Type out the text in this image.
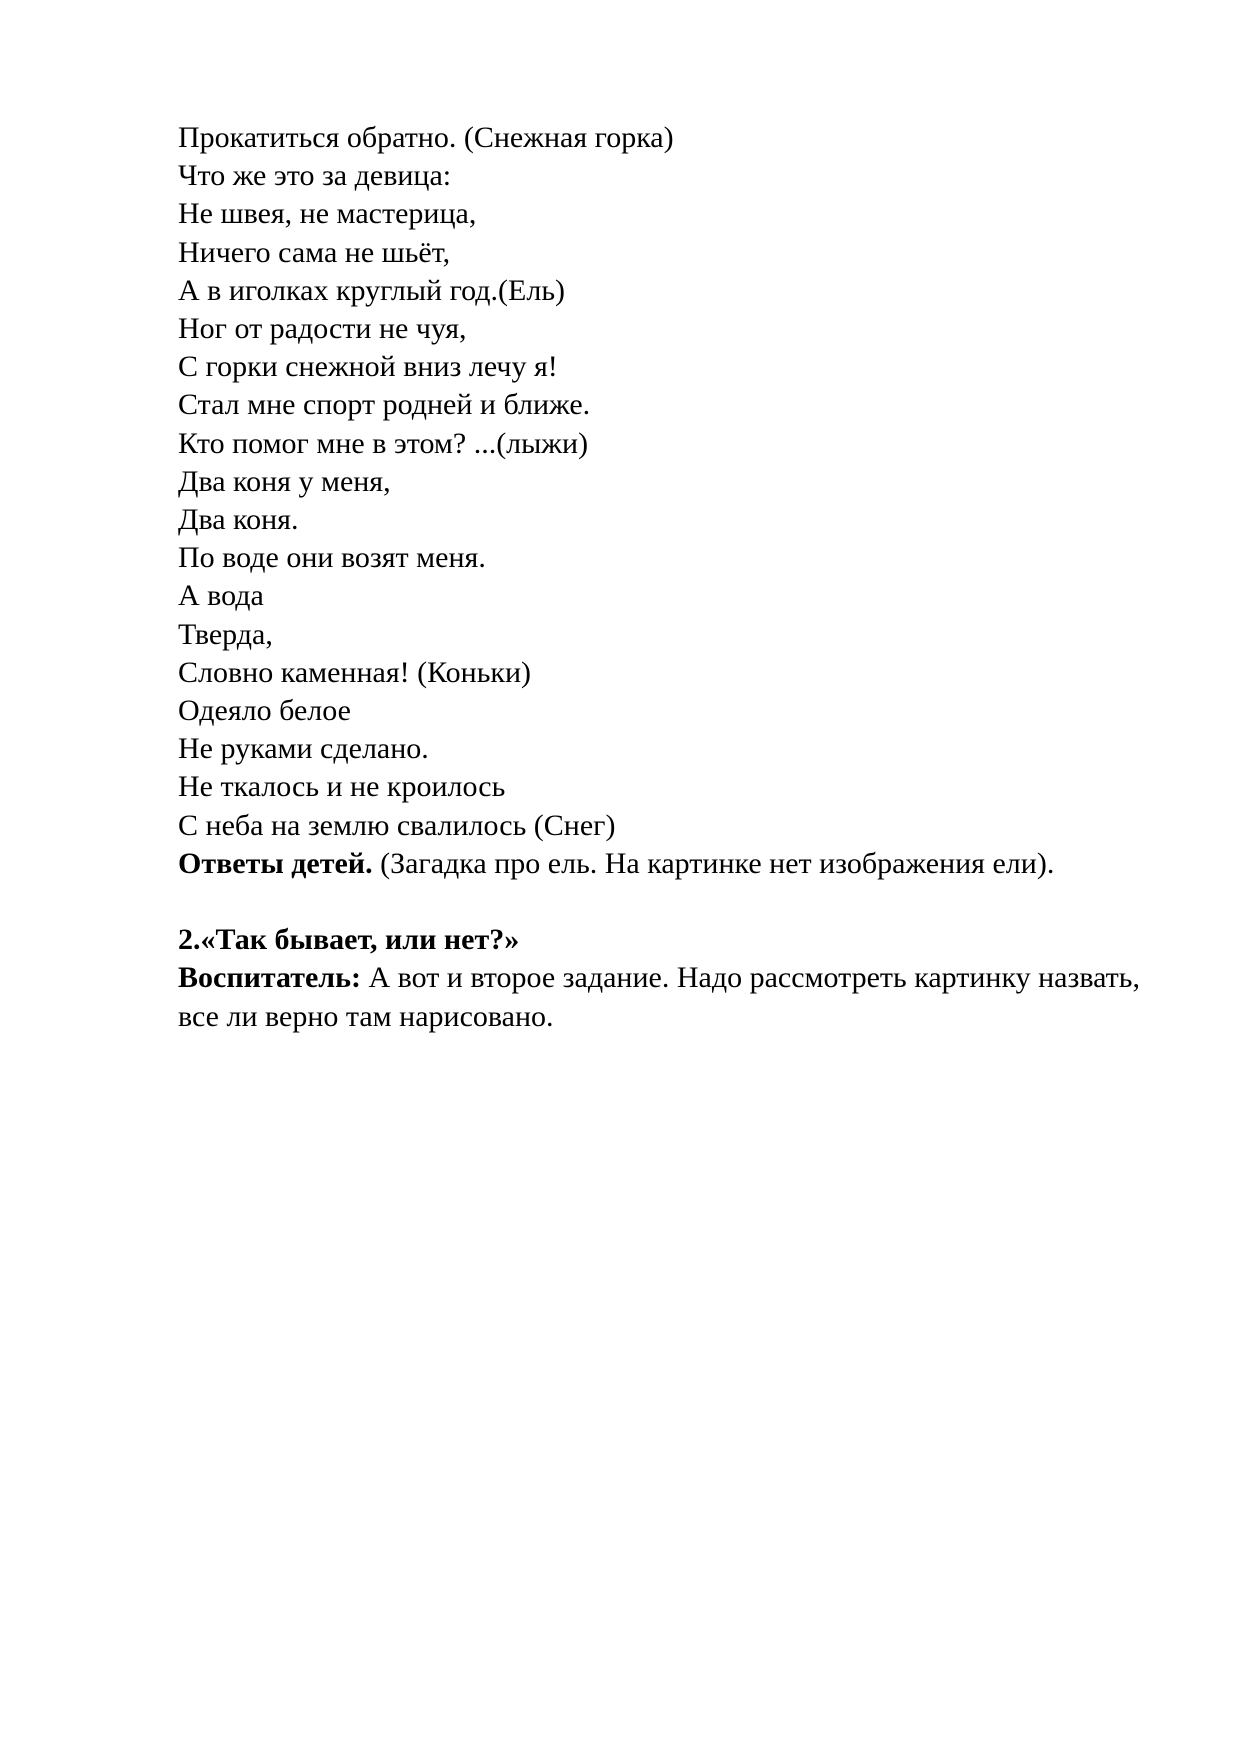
Прокатиться обратно. (Снежная горка)
Что же это за девица:
Не швея, не мастерица,
Ничего сама не шьёт,
А в иголках круглый год.(Ель)
Ног от радости не чуя,
С горки снежной вниз лечу я!
Стал мне спорт родней и ближе.
Кто помог мне в этом? ...(лыжи)
Два коня у меня,
Два коня.
По воде они возят меня.
А вода
Тверда,
Словно каменная! (Коньки)
Одеяло белое
Не руками сделано.
Не ткалось и не кроилось
С неба на землю свалилось (Снег)

Ответы детей. (Загадка про ель. На картинке нет изображения ели).

2.«Так бывает, или нет?»

Воспитатель: А вот и второе задание. Надо рассмотреть картинку назвать, все ли верно там нарисовано.
